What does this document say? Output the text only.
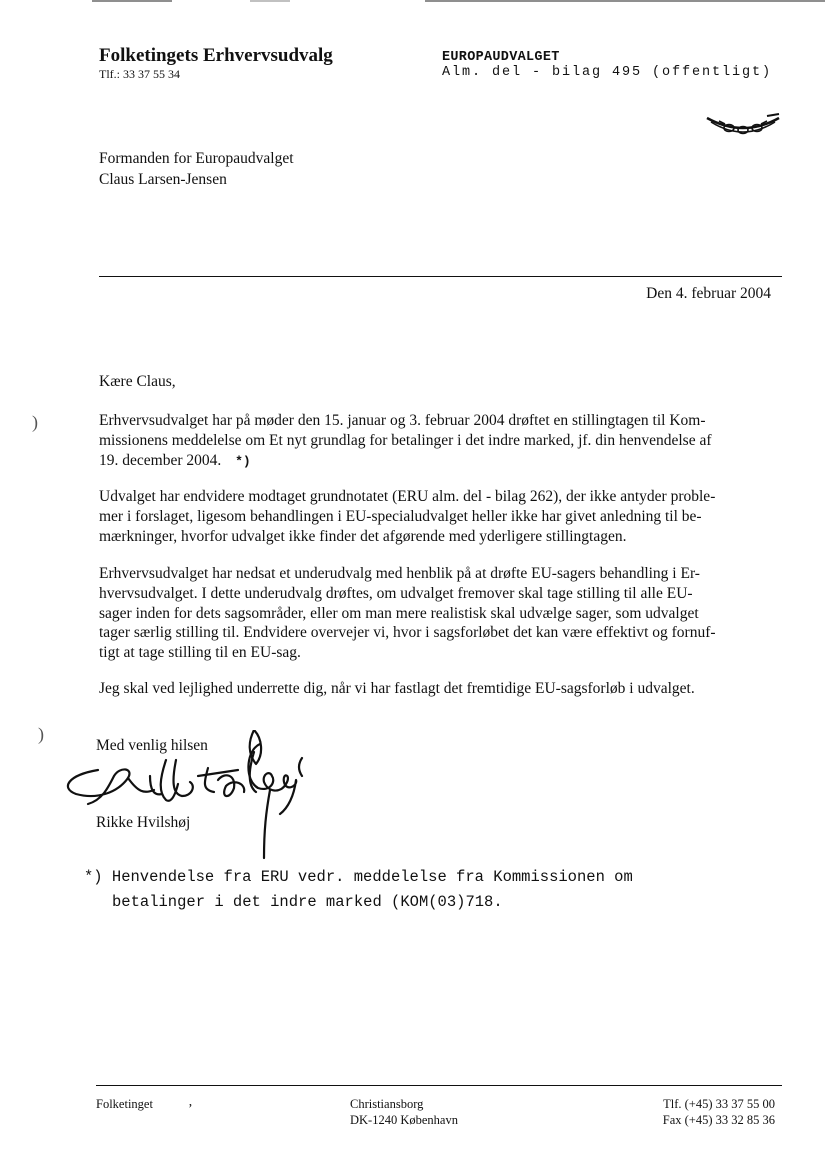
)
)
Folketingets Erhvervsudvalg
Tlf.: 33 37 55 34
EUROPAUDVALGET
Alm. del - bilag 495 (offentligt)
Formanden for Europaudvalget
Claus Larsen-Jensen
Den 4. februar 2004
Kære Claus,
Erhvervsudvalget har på møder den 15. januar og 3. februar 2004 drøftet en stillingtagen til Kom-
missionens meddelelse om Et nyt grundlag for betalinger i det indre marked, jf. din henvendelse af
19. december 2004. *)
Udvalget har endvidere modtaget grundnotatet (ERU alm. del - bilag 262), der ikke antyder proble-
mer i forslaget, ligesom behandlingen i EU-specialudvalget heller ikke har givet anledning til be-
mærkninger, hvorfor udvalget ikke finder det afgørende med yderligere stillingtagen.
Erhvervsudvalget har nedsat et underudvalg med henblik på at drøfte EU-sagers behandling i Er-
hvervsudvalget. I dette underudvalg drøftes, om udvalget fremover skal tage stilling til alle EU-
sager inden for dets sagsområder, eller om man mere realistisk skal udvælge sager, som udvalget
tager særlig stilling til. Endvidere overvejer vi, hvor i sagsforløbet det kan være effektivt og fornuf-
tigt at tage stilling til en EU-sag.
Jeg skal ved lejlighed underrette dig, når vi har fastlagt det fremtidige EU-sagsforløb i udvalget.
Med venlig hilsen
Rikke Hvilshøj
*) Henvendelse fra ERU vedr. meddelelse fra Kommissionen om
betalinger i det indre marked (KOM(03)718.
Folketinget	ʼ	Christiansborg
DK-1240 København
Tlf. (+45) 33 37 55 00
Fax (+45) 33 32 85 36
